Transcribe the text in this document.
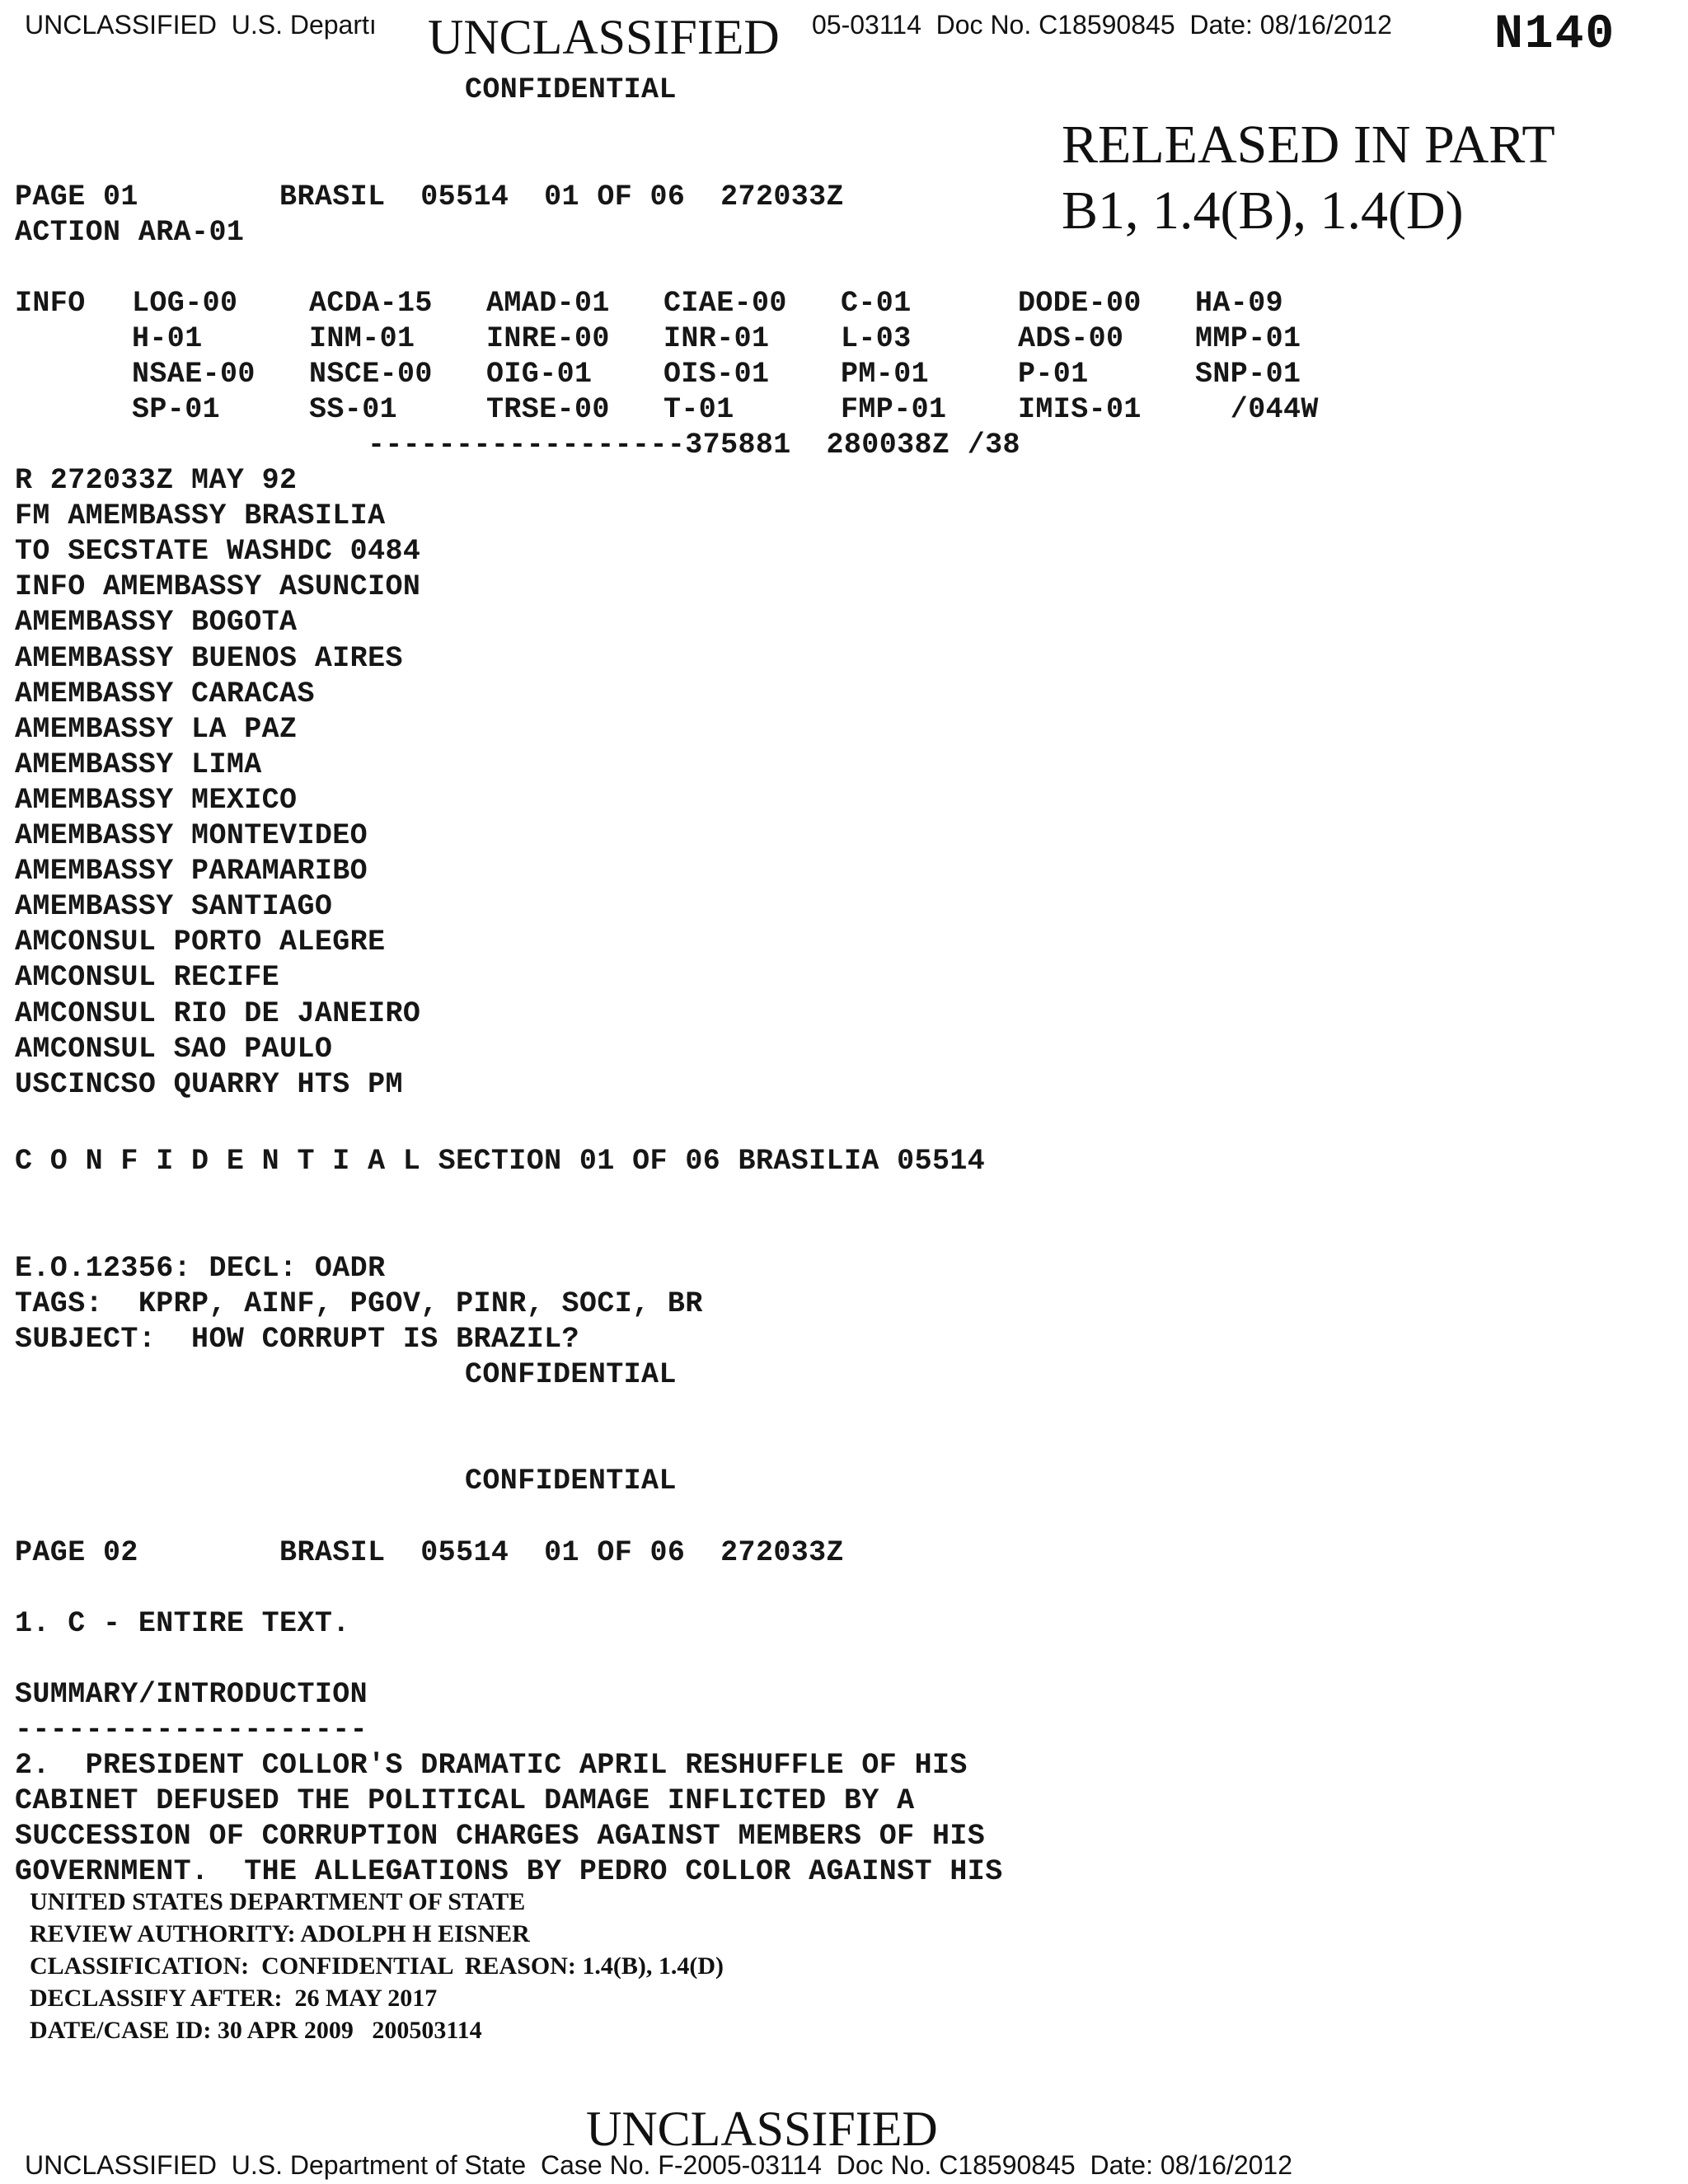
UNCLASSIFIED  U.S. Departı UNCLASSIFIED 05-03114  Doc No. C18590845  Date: 08/16/2012 N140
RELEASED IN PART
B1, 1.4(B), 1.4(D)
CONFIDENTIAL
PAGE 01        BRASIL  05514  01 OF 06  272033Z
ACTION ARA-01
INFO LOG-00 ACDA-15 AMAD-01 CIAE-00 C-01	DODE-00 HA-09
H-01	INM-01 INRE-00 INR-01 L-03	ADS-00 MMP-01
NSAE-00 NSCE-00 OIG-01 OIS-01 PM-01	P-01	SNP-01
SP-01	SS-01	TRSE-00 T-01	FMP-01 IMIS-01 /044W
------------------375881  280038Z /38
R 272033Z MAY 92
FM AMEMBASSY BRASILIA
TO SECSTATE WASHDC 0484
INFO AMEMBASSY ASUNCION
AMEMBASSY BOGOTA
AMEMBASSY BUENOS AIRES
AMEMBASSY CARACAS
AMEMBASSY LA PAZ
AMEMBASSY LIMA
AMEMBASSY MEXICO
AMEMBASSY MONTEVIDEO
AMEMBASSY PARAMARIBO
AMEMBASSY SANTIAGO
AMCONSUL PORTO ALEGRE
AMCONSUL RECIFE
AMCONSUL RIO DE JANEIRO
AMCONSUL SAO PAULO
USCINCSO QUARRY HTS PM
C O N F I D E N T I A L SECTION 01 OF 06 BRASILIA 05514
E.O.12356: DECL: OADR
TAGS:  KPRP, AINF, PGOV, PINR, SOCI, BR
SUBJECT:  HOW CORRUPT IS BRAZIL?
CONFIDENTIAL
CONFIDENTIAL
PAGE 02        BRASIL  05514  01 OF 06  272033Z
1. C - ENTIRE TEXT.
SUMMARY/INTRODUCTION
--------------------
2.  PRESIDENT COLLOR'S DRAMATIC APRIL RESHUFFLE OF HIS
CABINET DEFUSED THE POLITICAL DAMAGE INFLICTED BY A
SUCCESSION OF CORRUPTION CHARGES AGAINST MEMBERS OF HIS
GOVERNMENT.  THE ALLEGATIONS BY PEDRO COLLOR AGAINST HIS
UNITED STATES DEPARTMENT OF STATE
REVIEW AUTHORITY: ADOLPH H EISNER
CLASSIFICATION:  CONFIDENTIAL  REASON: 1.4(B), 1.4(D)
DECLASSIFY AFTER:  26 MAY 2017
DATE/CASE ID: 30 APR 2009   200503114
UNCLASSIFIED
UNCLASSIFIED  U.S. Department of State  Case No. F-2005-03114  Doc No. C18590845  Date: 08/16/2012
